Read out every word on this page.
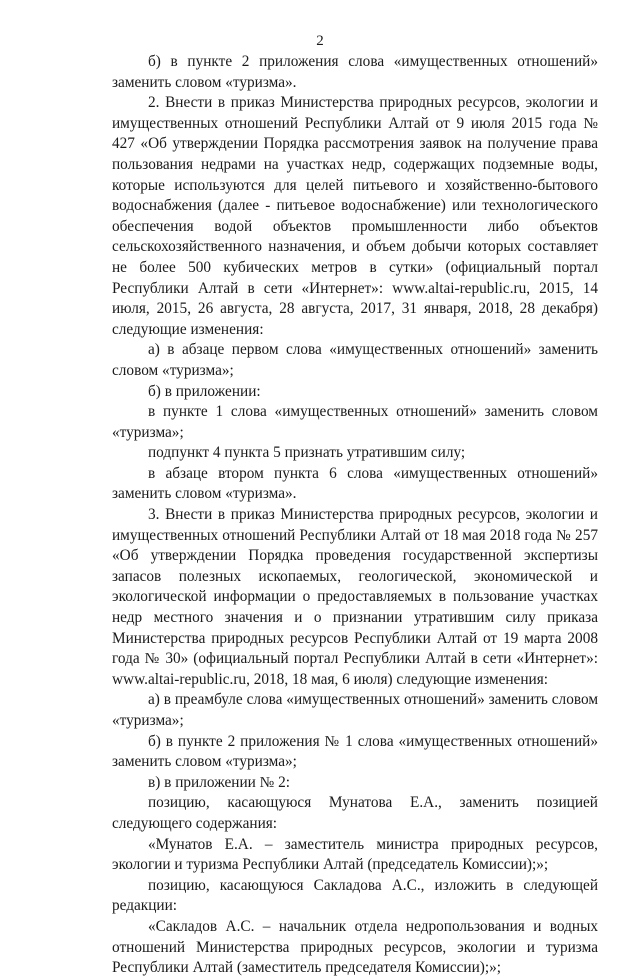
2

б) в пункте 2 приложения слова «имущественных отношений» заменить словом «туризма».

2. Внести в приказ Министерства природных ресурсов, экологии и имущественных отношений Республики Алтай от 9 июля 2015 года № 427 «Об утверждении Порядка рассмотрения заявок на получение права пользования недрами на участках недр, содержащих подземные воды, которые используются для целей питьевого и хозяйственно-бытового водоснабжения (далее - питьевое водоснабжение) или технологического обеспечения водой объектов промышленности либо объектов сельскохозяйственного назначения, и объем добычи которых составляет не более 500 кубических метров в сутки» (официальный портал Республики Алтай в сети «Интернет»: www.altai-republic.ru, 2015, 14 июля, 2015, 26 августа, 28 августа, 2017, 31 января, 2018, 28 декабря) следующие изменения:

а) в абзаце первом слова «имущественных отношений» заменить словом «туризма»;

б) в приложении:

в пункте 1 слова «имущественных отношений» заменить словом «туризма»;

подпункт 4 пункта 5 признать утратившим силу;

в абзаце втором пункта 6 слова «имущественных отношений» заменить словом «туризма».

3. Внести в приказ Министерства природных ресурсов, экологии и имущественных отношений Республики Алтай от 18 мая 2018 года № 257 «Об утверждении Порядка проведения государственной экспертизы запасов полезных ископаемых, геологической, экономической и экологической информации о предоставляемых в пользование участках недр местного значения и о признании утратившим силу приказа Министерства природных ресурсов Республики Алтай от 19 марта 2008 года № 30» (официальный портал Республики Алтай в сети «Интернет»: www.altai-republic.ru, 2018, 18 мая, 6 июля) следующие изменения:

а) в преамбуле слова «имущественных отношений» заменить словом «туризма»;

б) в пункте 2 приложения № 1 слова «имущественных отношений» заменить словом «туризма»;

в) в приложении № 2:

позицию, касающуюся Мунатова Е.А., заменить позицией следующего содержания:

«Мунатов Е.А. – заместитель министра природных ресурсов, экологии и туризма Республики Алтай (председатель Комиссии);»;

позицию, касающуюся Сакладова А.С., изложить в следующей редакции:

«Сакладов А.С. – начальник отдела недропользования и водных отношений Министерства природных ресурсов, экологии и туризма Республики Алтай (заместитель председателя Комиссии);»;
